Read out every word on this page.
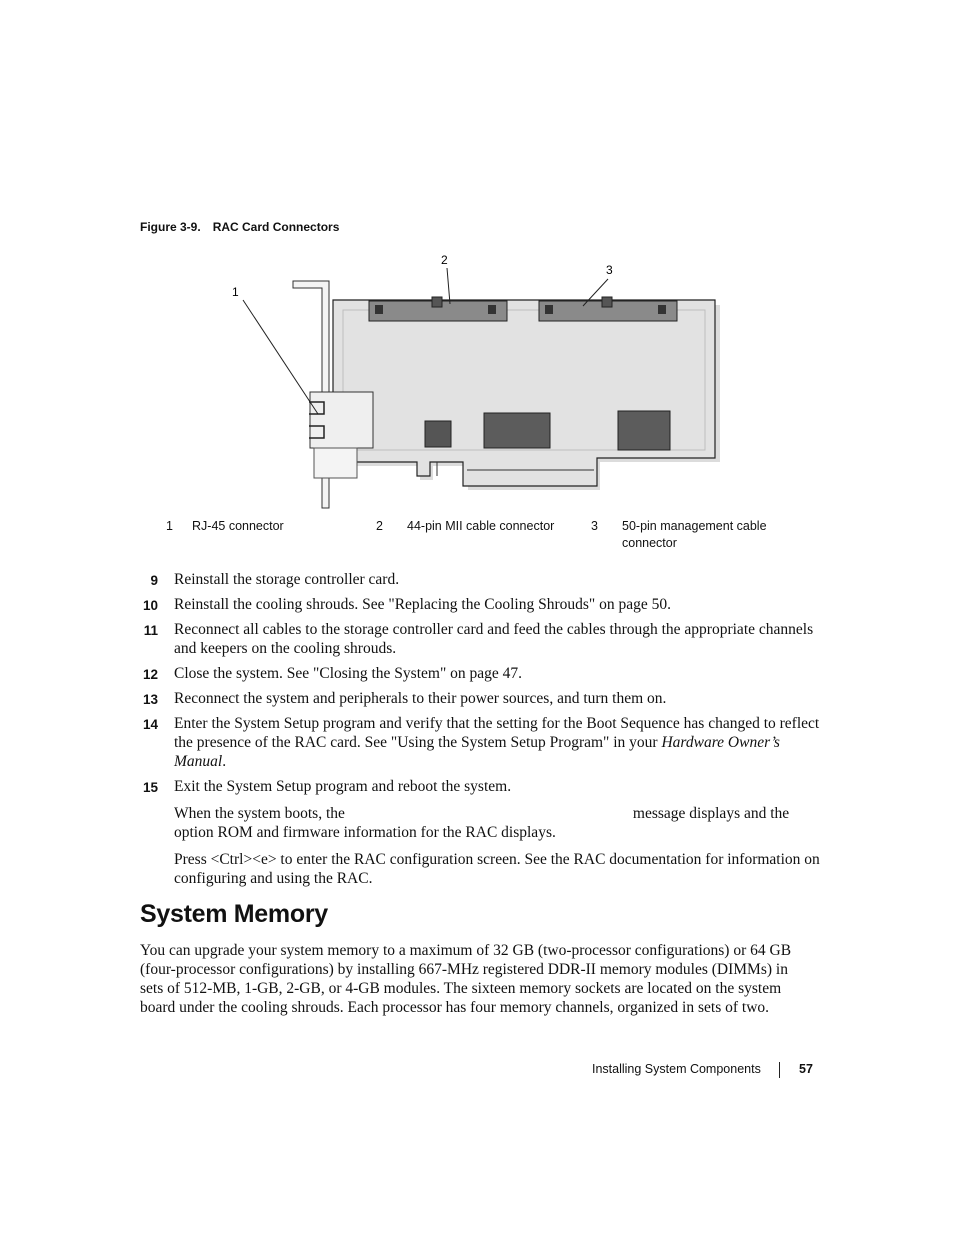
Figure 3-9. RAC Card Connectors
1
2
3
1 RJ-45 connector	2 44-pin MII cable connector	3 50-pin management cable connector
9 Reinstall the storage controller card.
10 Reinstall the cooling shrouds. See "Replacing the Cooling Shrouds" on page 50.
11 Reconnect all cables to the storage controller card and feed the cables through the appropriate channels and keepers on the cooling shrouds.
12 Close the system. See "Closing the System" on page 47.
13 Reconnect the system and peripherals to their power sources, and turn them on.
14 Enter the System Setup program and verify that the setting for the Boot Sequence has changed to reflect the presence of the RAC card. See "Using the System Setup Program" in your Hardware Owner’s Manual.
15 Exit the System Setup program and reboot the system.

When the system boots, the	message displays and the option ROM and firmware information for the RAC displays.

Press <Ctrl><e> to enter the RAC configuration screen. See the RAC documentation for information on configuring and using the RAC.

System Memory
You can upgrade your system memory to a maximum of 32 GB (two-processor configurations) or 64 GB (four-processor configurations) by installing 667-MHz registered DDR-II memory modules (DIMMs) in sets of 512-MB, 1-GB, 2-GB, or 4-GB modules. The sixteen memory sockets are located on the system board under the cooling shrouds. Each processor has four memory channels, organized in sets of two.
Installing System Components	57
